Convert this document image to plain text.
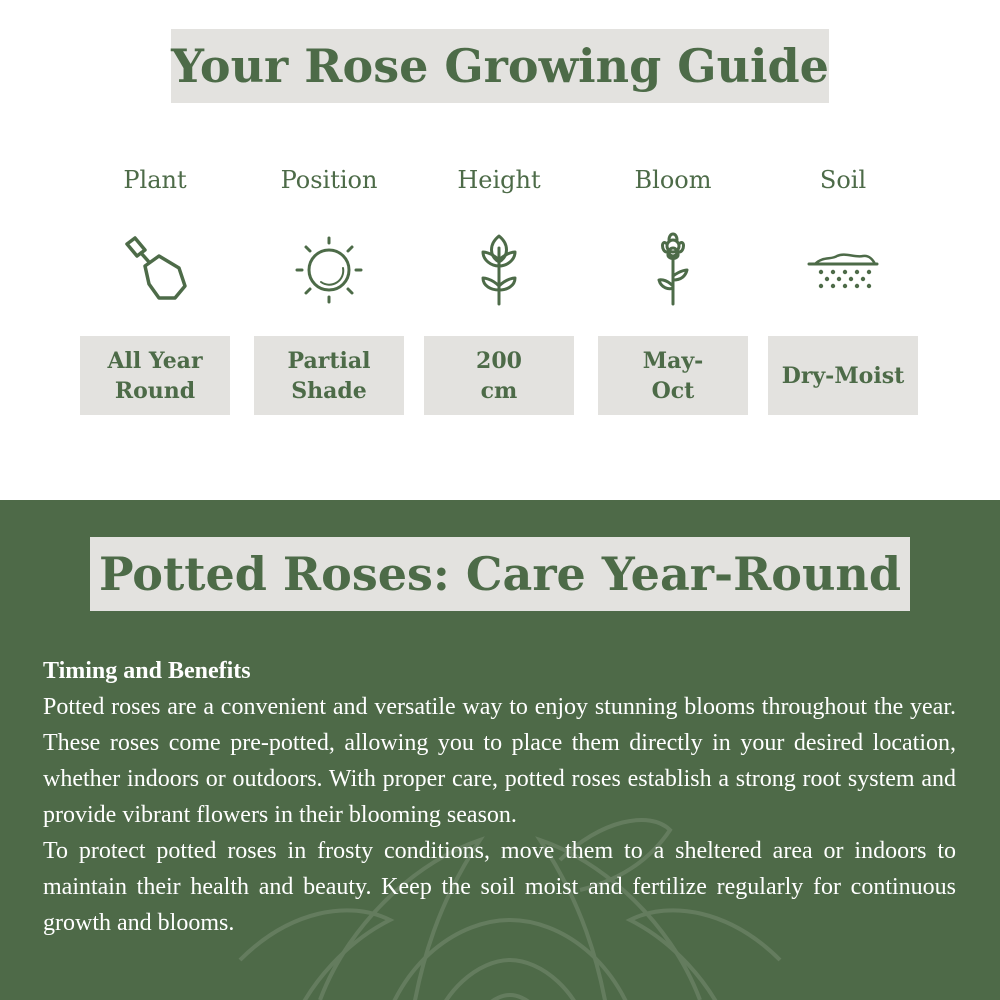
Your Rose Growing Guide
Plant
All Year
Round
Position
Partial
Shade
Height
200
cm
Bloom
May-
Oct
Soil
Dry-Moist
Potted Roses: Care Year-Round
Timing and Benefits

Potted roses are a convenient and versatile way to enjoy stunning blooms throughout the year. These roses come pre-potted, allowing you to place them directly in your desired location, whether indoors or outdoors. With proper care, potted roses establish a strong root system and provide vibrant flowers in their blooming season.

To protect potted roses in frosty conditions, move them to a sheltered area or indoors to maintain their health and beauty. Keep the soil moist and fertilize regularly for continuous growth and blooms.
